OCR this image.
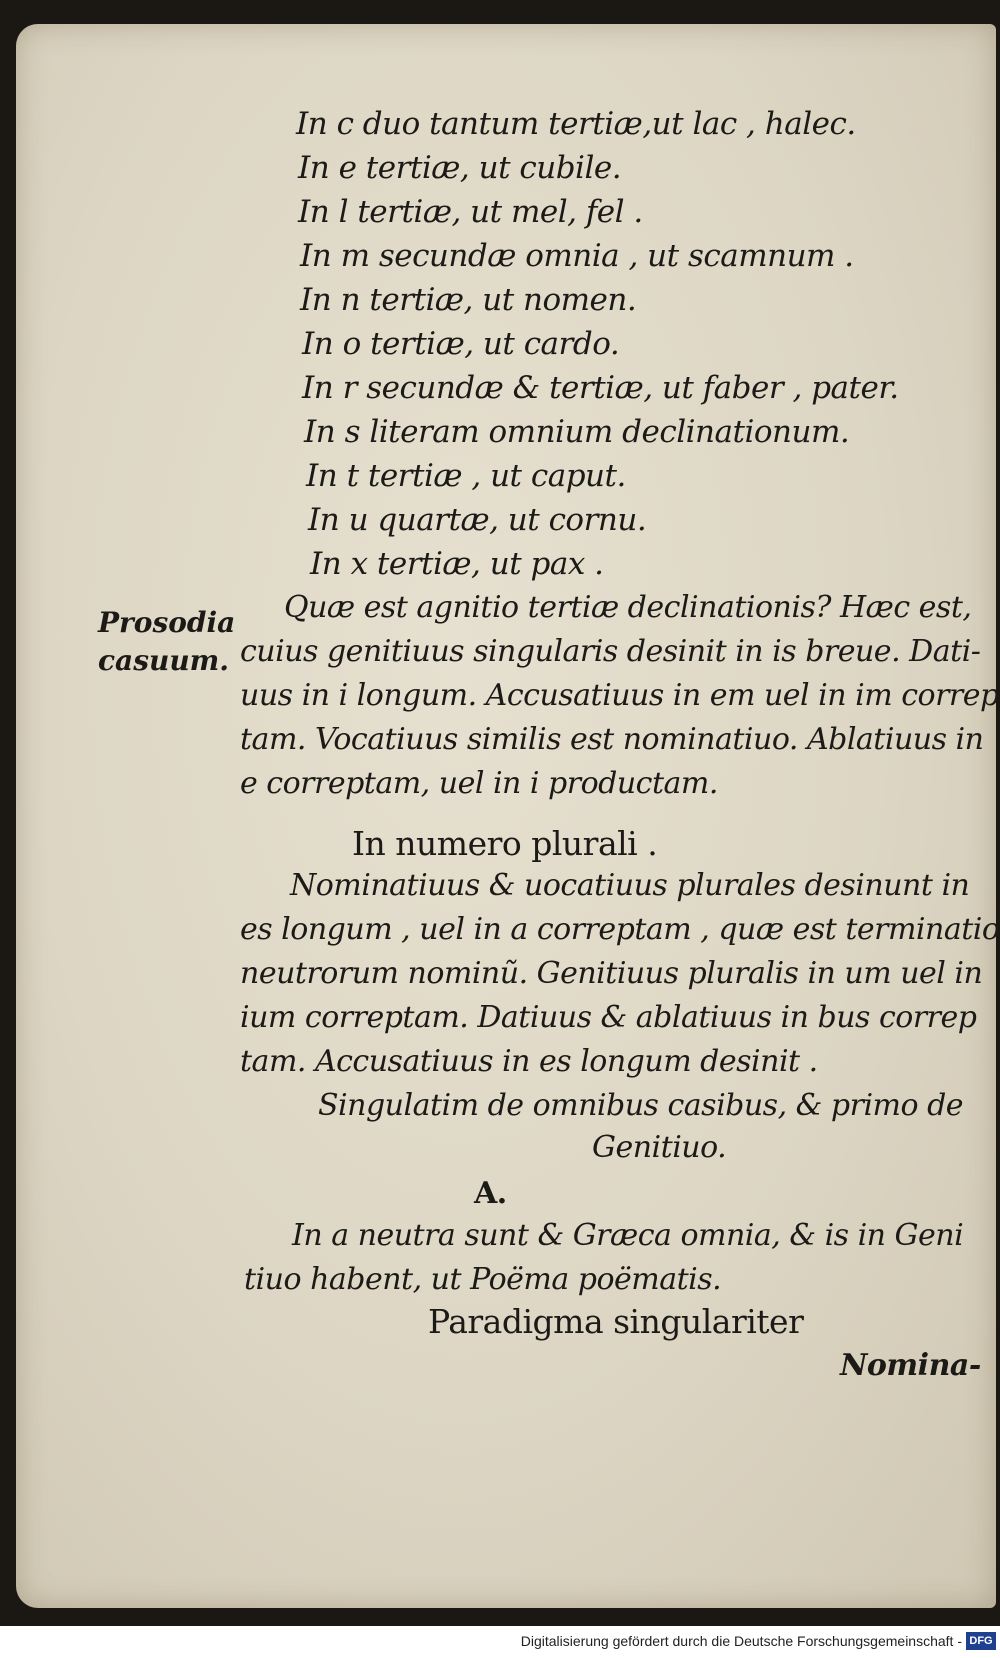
In c duo tantum tertiæ,ut lac , halec.
In e tertiæ, ut cubile.
In l tertiæ, ut mel, fel .
In m secundæ omnia , ut scamnum .
In n tertiæ, ut nomen.
In o tertiæ, ut cardo.
In r secundæ & tertiæ, ut faber , pater.
In s literam omnium declinationum.
In t tertiæ , ut caput.
In u quartæ, ut cornu.
In x tertiæ, ut pax .
Prosodia
casuum.
Quæ est agnitio tertiæ declinationis? Hæc est,
cuius genitiuus singularis desinit in is breue. Dati-
uus in i longum. Accusatiuus in em uel in im correp
tam. Vocatiuus similis est nominatiuo. Ablatiuus in
e correptam, uel in i productam.
In numero plurali .
Nominatiuus & uocatiuus plurales desinunt in
es longum , uel in a correptam , quæ est terminatio
neutrorum nominũ. Genitiuus pluralis in um uel in
ium correptam. Datiuus & ablatiuus in bus correp
tam. Accusatiuus in es longum desinit .
Singulatim de omnibus casibus, & primo de
Genitiuo.
A.
In a neutra sunt & Græca omnia, & is in Geni
tiuo habent, ut Poëma poëmatis.
Paradigma singulariter
Nomina-
Digitalisierung gefördert durch die Deutsche Forschungsgemeinschaft - DFG
